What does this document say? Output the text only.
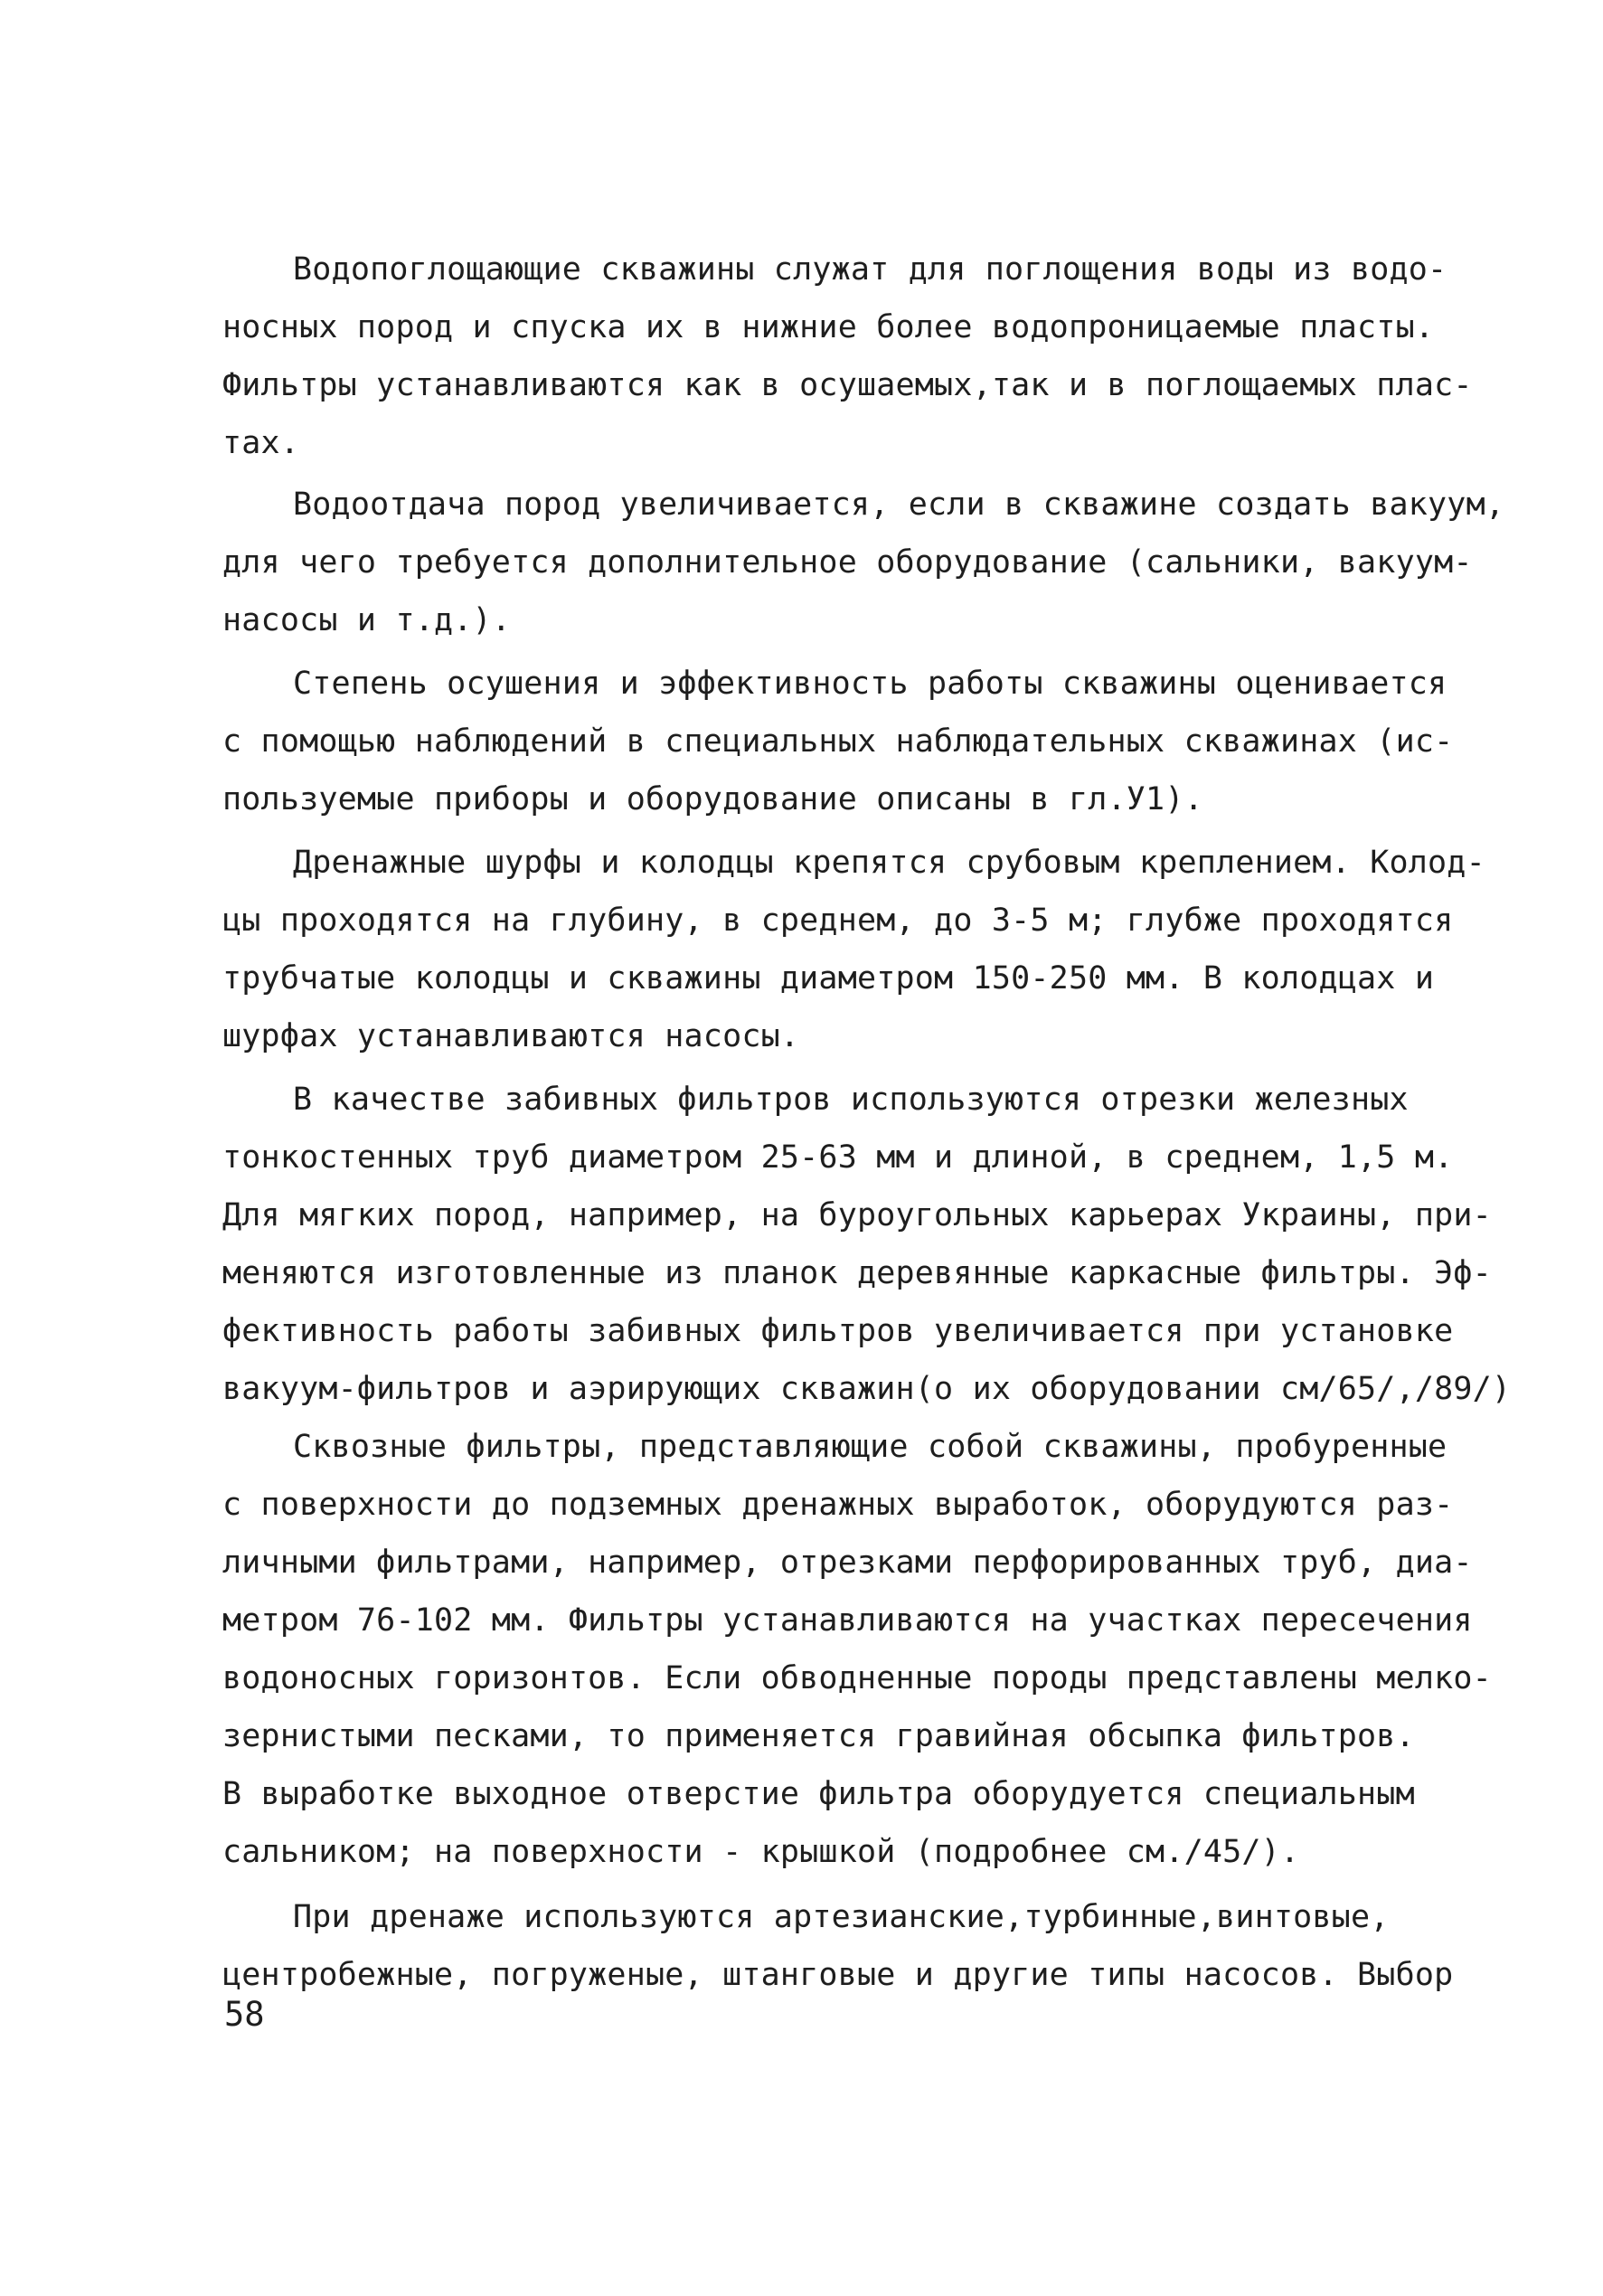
Водопоглощающие скважины служат для поглощения воды из водо-
носных пород и спуска их в нижние более водопроницаемые пласты.
Фильтры устанавливаются как в осушаемых,так и в поглощаемых плас-
тах.
Водоотдача пород увеличивается, если в скважине создать вакуум,
для чего требуется дополнительное оборудование (сальники, вакуум-
насосы и т.д.).
Степень осушения и эффективность работы скважины оценивается
с помощью наблюдений в специальных наблюдательных скважинах (ис-
пользуемые приборы и оборудование описаны в гл.У1).
Дренажные шурфы и колодцы крепятся срубовым креплением. Колод-
цы проходятся на глубину, в среднем, до 3-5 м; глубже проходятся
трубчатые колодцы и скважины диаметром 150-250 мм. В колодцах и
шурфах устанавливаются насосы.
В качестве забивных фильтров используются отрезки железных
тонкостенных труб диаметром 25-63 мм и длиной, в среднем, 1,5 м.
Для мягких пород, например, на буроугольных карьерах Украины, при-
меняются изготовленные из планок деревянные каркасные фильтры. Эф-
фективность работы забивных фильтров увеличивается при установке
вакуум-фильтров и аэрирующих скважин(о их оборудовании см/65/,/89/)
Сквозные фильтры, представляющие собой скважины, пробуренные
с поверхности до подземных дренажных выработок, оборудуются раз-
личными фильтрами, например, отрезками перфорированных труб, диа-
метром 76-102 мм. Фильтры устанавливаются на участках пересечения
водоносных горизонтов. Если обводненные породы представлены мелко-
зернистыми песками, то применяется гравийная обсыпка фильтров.
В выработке выходное отверстие фильтра оборудуется специальным
сальником; на поверхности - крышкой (подробнее см./45/).
При дренаже используются артезианские,турбинные,винтовые,
центробежные, погруженые, штанговые и другие типы насосов. Выбор
58
